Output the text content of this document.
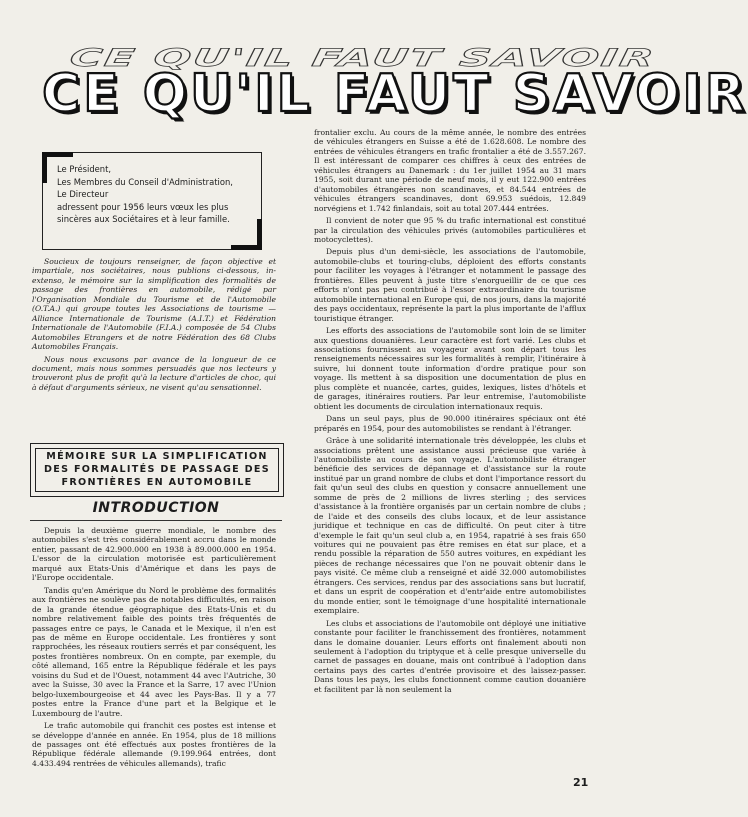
CE QU'IL FAUT SAVOIR
CE QU'IL FAUT SAVOIR
Le Président,
Les Membres du Conseil d'Administration,
Le Directeur
adressent pour 1956 leurs vœux les plus
sincères aux Sociétaires et à leur famille.

Soucieux de toujours renseigner, de façon objective et impartiale, nos sociétaires, nous publions ci-dessous, in-extenso, le mémoire sur la simplification des formalités de passage des frontières en automobile, rédigé par l'Organisation Mondiale du Tourisme et de l'Automobile (O.T.A.) qui groupe toutes les Associations de tourisme — Alliance Internationale de Tourisme (A.I.T.) et Fédération Internationale de l'Automobile (F.I.A.) composée de 54 Clubs Automobiles Etrangers et de notre Fédération des 68 Clubs Automobiles Français.

Nous nous excusons par avance de la longueur de ce document, mais nous sommes persuadés que nos lecteurs y trouveront plus de profit qu'à la lecture d'articles de choc, qui à défaut d'arguments sérieux, ne visent qu'au sensationnel.

MÉMOIRE SUR LA SIMPLIFICATION DES FORMALITÉS DE PASSAGE DES FRONTIÈRES EN AUTOMOBILE
INTRODUCTION

Depuis la deuxième guerre mondiale, le nombre des automobiles s'est très considérablement accru dans le monde entier, passant de 42.900.000 en 1938 à 89.000.000 en 1954. L'essor de la circulation motorisée est particulièrement marqué aux Etats-Unis d'Amérique et dans les pays de l'Europe occidentale.

Tandis qu'en Amérique du Nord le problème des formalités aux frontières ne soulève pas de notables difficultés, en raison de la grande étendue géographique des Etats-Unis et du nombre relativement faible des points très fréquentés de passages entre ce pays, le Canada et le Mexique, il n'en est pas de même en Europe occidentale. Les frontières y sont rapprochées, les réseaux routiers serrés et par conséquent, les postes frontières nombreux. On en compte, par exemple, du côté allemand, 165 entre la République fédérale et les pays voisins du Sud et de l'Ouest, notamment 44 avec l'Autriche, 30 avec la Suisse, 30 avec la France et la Sarre, 17 avec l'Union belgo-luxembourgeoise et 44 avec les Pays-Bas. Il y a 77 postes entre la France d'une part et la Belgique et le Luxembourg de l'autre.

Le trafic automobile qui franchit ces postes est intense et se développe d'année en année. En 1954, plus de 18 millions de passages ont été effectués aux postes frontières de la République fédérale allemande (9.199.964 entrées, dont 4.433.494 rentrées de véhicules allemands), trafic

frontalier exclu. Au cours de la même année, le nombre des entrées de véhicules étrangers en Suisse a été de 1.628.608. Le nombre des entrées de véhicules étrangers en trafic frontalier a été de 3.557.267. Il est intéressant de comparer ces chiffres à ceux des entrées de véhicules étrangers au Danemark : du 1er juillet 1954 au 31 mars 1955, soit durant une période de neuf mois, il y eut 122.900 entrées d'automobiles étrangères non scandinaves, et 84.544 entrées de véhicules étrangers scandinaves, dont 69.953 suédois, 12.849 norvégiens et 1.742 finlandais, soit au total 207.444 entrées.

Il convient de noter que 95 % du trafic international est constitué par la circulation des véhicules privés (automobiles particulières et motocyclettes).

Depuis plus d'un demi-siècle, les associations de l'automobile, automobile-clubs et touring-clubs, déploient des efforts constants pour faciliter les voyages à l'étranger et notamment le passage des frontières. Elles peuvent à juste titre s'enorgueillir de ce que ces efforts n'ont pas peu contribué à l'essor extraordinaire du tourisme automobile international en Europe qui, de nos jours, dans la majorité des pays occidentaux, représente la part la plus importante de l'afflux touristique étranger.

Les efforts des associations de l'automobile sont loin de se limiter aux questions douanières. Leur caractère est fort varié. Les clubs et associations fournissent au voyageur avant son départ tous les renseignements nécessaires sur les formalités à remplir, l'itinéraire à suivre, lui donnent toute information d'ordre pratique pour son voyage. Ils mettent à sa disposition une documentation de plus en plus complète et nuancée, cartes, guides, lexiques, listes d'hôtels et de garages, itinéraires routiers. Par leur entremise, l'automobiliste obtient les documents de circulation internationaux requis.

Dans un seul pays, plus de 90.000 itinéraires spéciaux ont été préparés en 1954, pour des automobilistes se rendant à l'étranger.

Grâce à une solidarité internationale très développée, les clubs et associations prêtent une assistance aussi précieuse que variée à l'automobiliste au cours de son voyage. L'automobiliste étranger bénéficie des services de dépannage et d'assistance sur la route institué par un grand nombre de clubs et dont l'importance ressort du fait qu'un seul des clubs en question y consacre annuellement une somme de près de 2 millions de livres sterling ; des services d'assistance à la frontière organisés par un certain nombre de clubs ; de l'aide et des conseils des clubs locaux, et de leur assistance juridique et technique en cas de difficulté. On peut citer à titre d'exemple le fait qu'un seul club a, en 1954, rapatrié à ses frais 650 voitures qui ne pouvaient pas être remises en état sur place, et a rendu possible la réparation de 550 autres voitures, en expédiant les pièces de rechange nécessaires que l'on ne pouvait obtenir dans le pays visité. Ce même club a renseigné et aidé 32.000 automobilistes étrangers. Ces services, rendus par des associations sans but lucratif, et dans un esprit de coopération et d'entr'aide entre automobilistes du monde entier, sont le témoignage d'une hospitalité internationale exemplaire.

Les clubs et associations de l'automobile ont déployé une initiative constante pour faciliter le franchissement des frontières, notamment dans le domaine douanier. Leurs efforts ont finalement abouti non seulement à l'adoption du triptyque et à celle presque universelle du carnet de passages en douane, mais ont contribué à l'adoption dans certains pays des cartes d'entrée provisoire et des laissez-passer. Dans tous les pays, les clubs fonctionnent comme caution douanière et facilitent par là non seulement la

21
